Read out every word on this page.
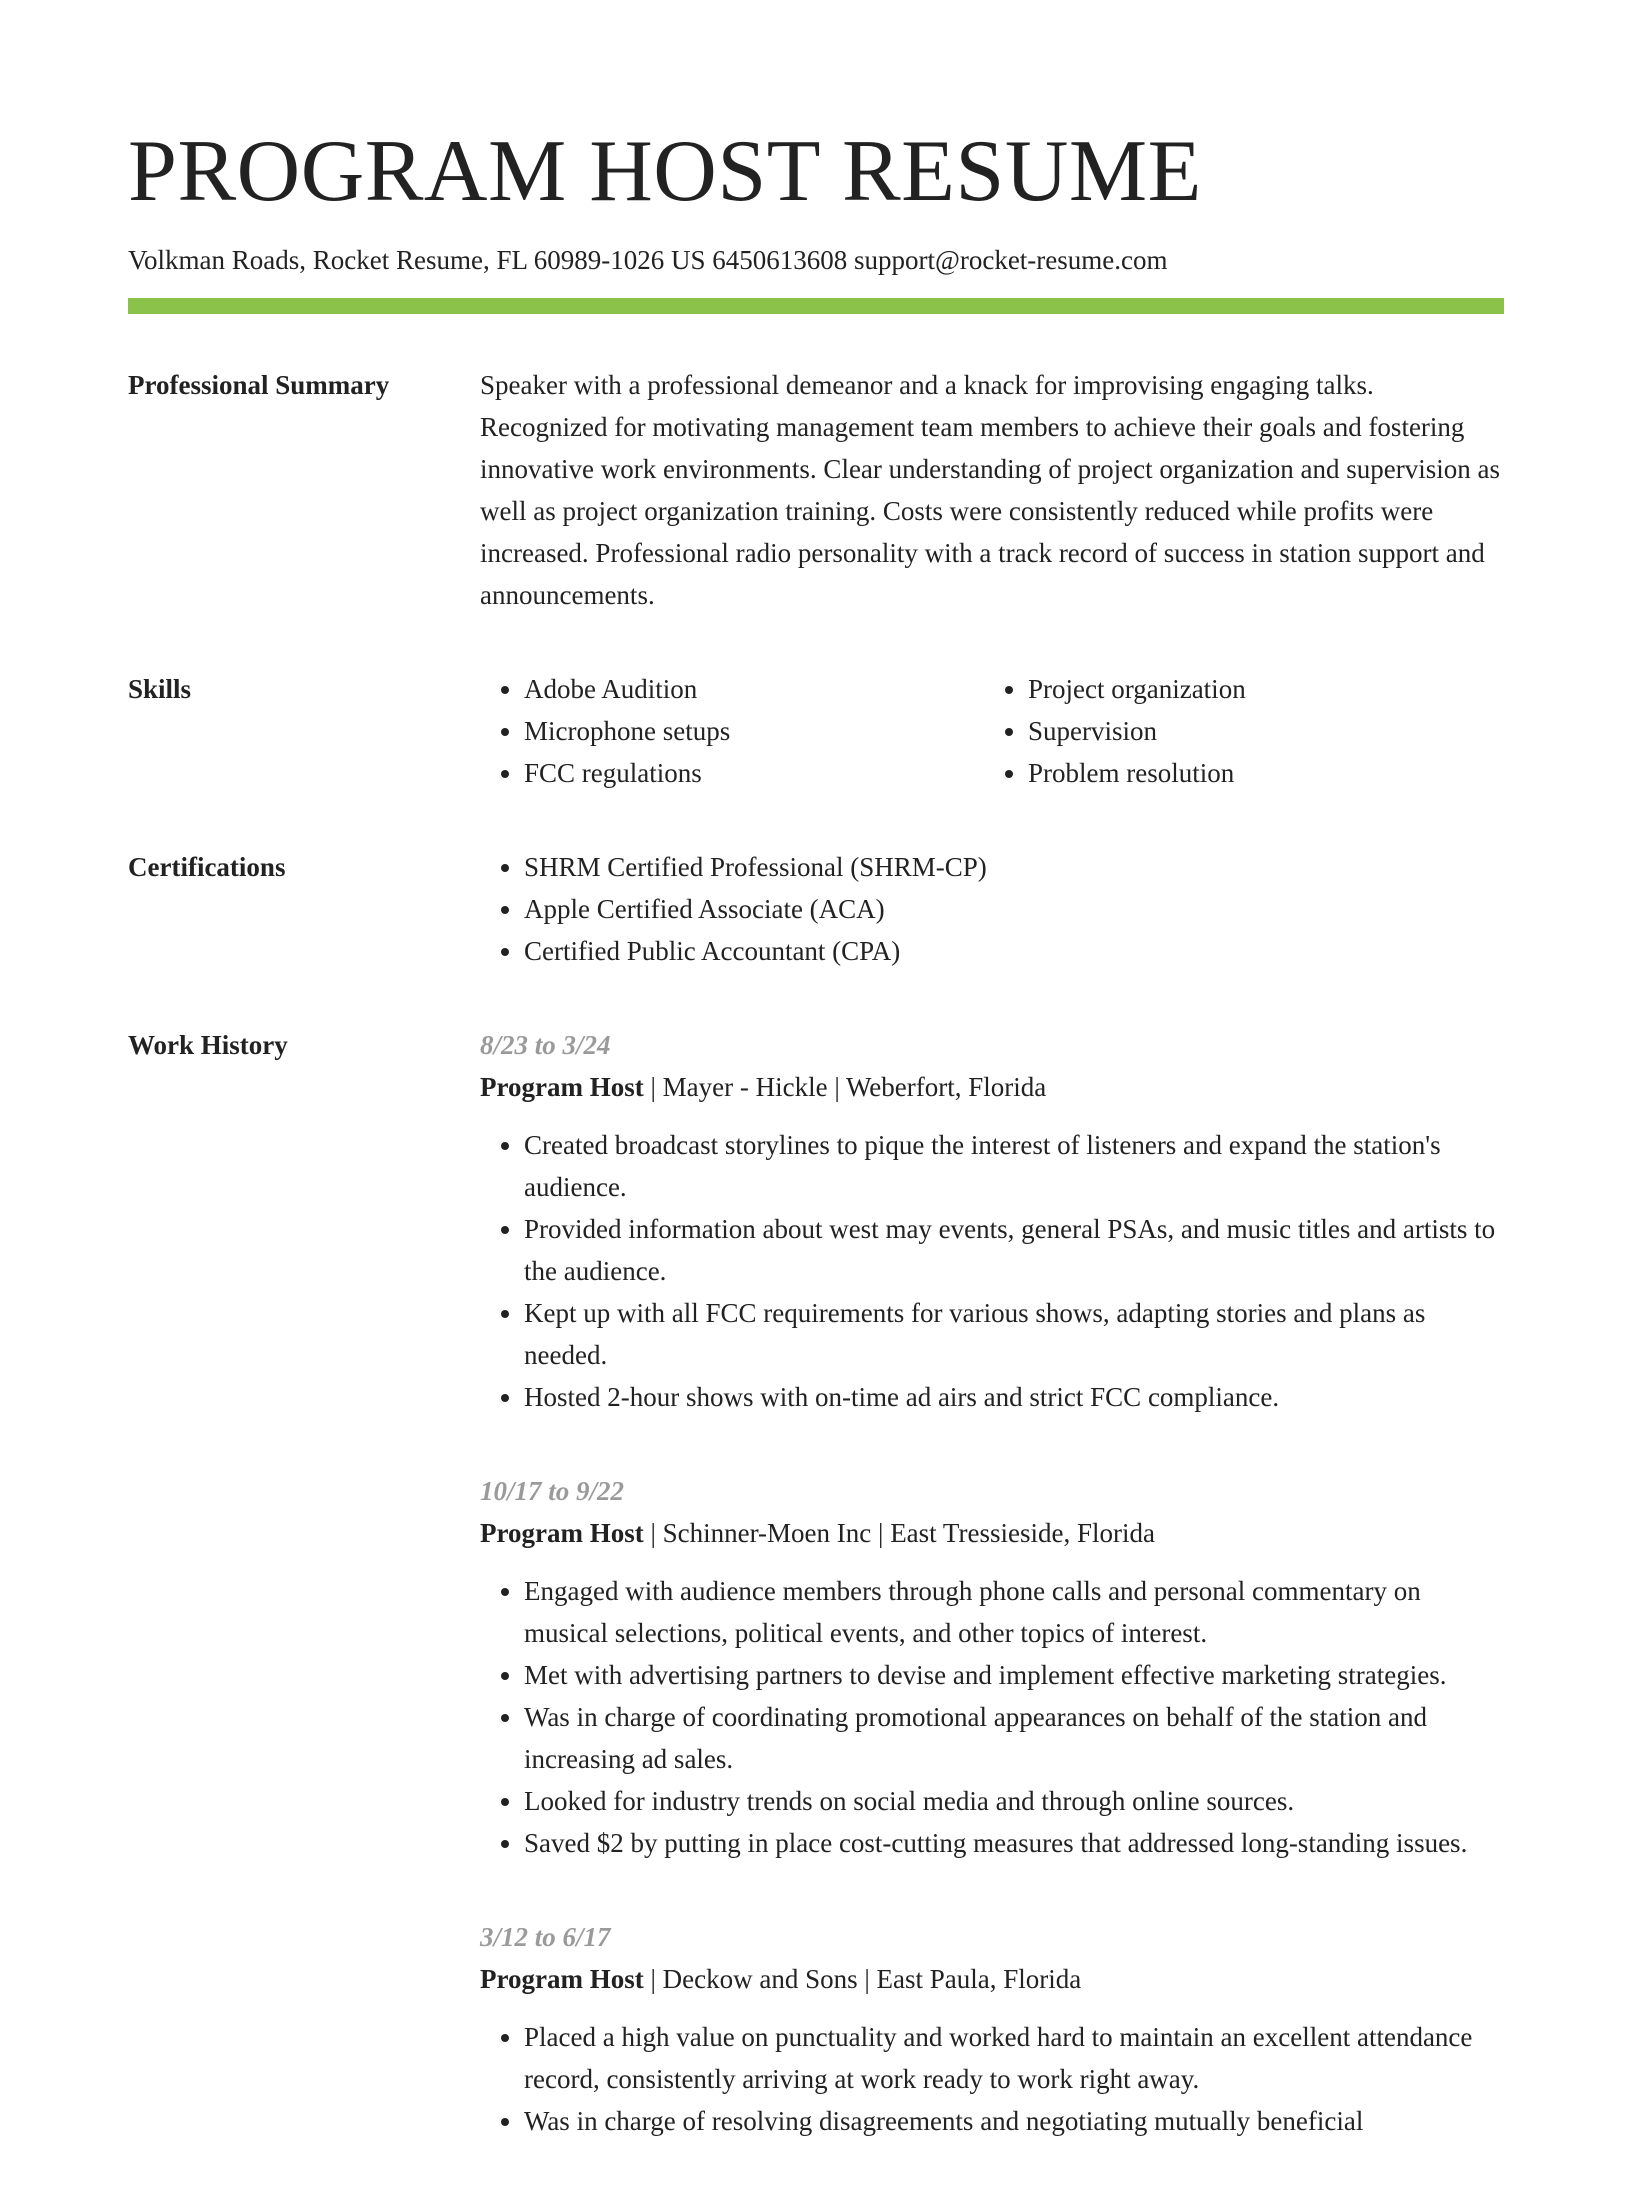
PROGRAM HOST RESUME
Volkman Roads, Rocket Resume, FL 60989-1026 US 6450613608 support@rocket-resume.com
Professional Summary	Speaker with a professional demeanor and a knack for improvising engaging talks. Recognized for motivating management team members to achieve their goals and fostering innovative work environments. Clear understanding of project organization and supervision as well as project organization training. Costs were consistently reduced while profits were increased. Professional radio personality with a track record of success in station support and announcements.
Skills	• Adobe Audition
• Microphone setups
• FCC regulations
• Project organization
• Supervision
• Problem resolution
Certifications	• SHRM Certified Professional (SHRM-CP)
• Apple Certified Associate (ACA)
• Certified Public Accountant (CPA)
Work History	8/23 to 3/24
Program Host | Mayer - Hickle | Weberfort, Florida
• Created broadcast storylines to pique the interest of listeners and expand the station's audience.
• Provided information about west may events, general PSAs, and music titles and artists to the audience.
• Kept up with all FCC requirements for various shows, adapting stories and plans as needed.
• Hosted 2-hour shows with on-time ad airs and strict FCC compliance.
10/17 to 9/22
Program Host | Schinner-Moen Inc | East Tressieside, Florida
• Engaged with audience members through phone calls and personal commentary on musical selections, political events, and other topics of interest.
• Met with advertising partners to devise and implement effective marketing strategies.
• Was in charge of coordinating promotional appearances on behalf of the station and increasing ad sales.
• Looked for industry trends on social media and through online sources.
• Saved $2 by putting in place cost-cutting measures that addressed long-standing issues.
3/12 to 6/17
Program Host | Deckow and Sons | East Paula, Florida
• Placed a high value on punctuality and worked hard to maintain an excellent attendance record, consistently arriving at work ready to work right away.
• Was in charge of resolving disagreements and negotiating mutually beneficial
